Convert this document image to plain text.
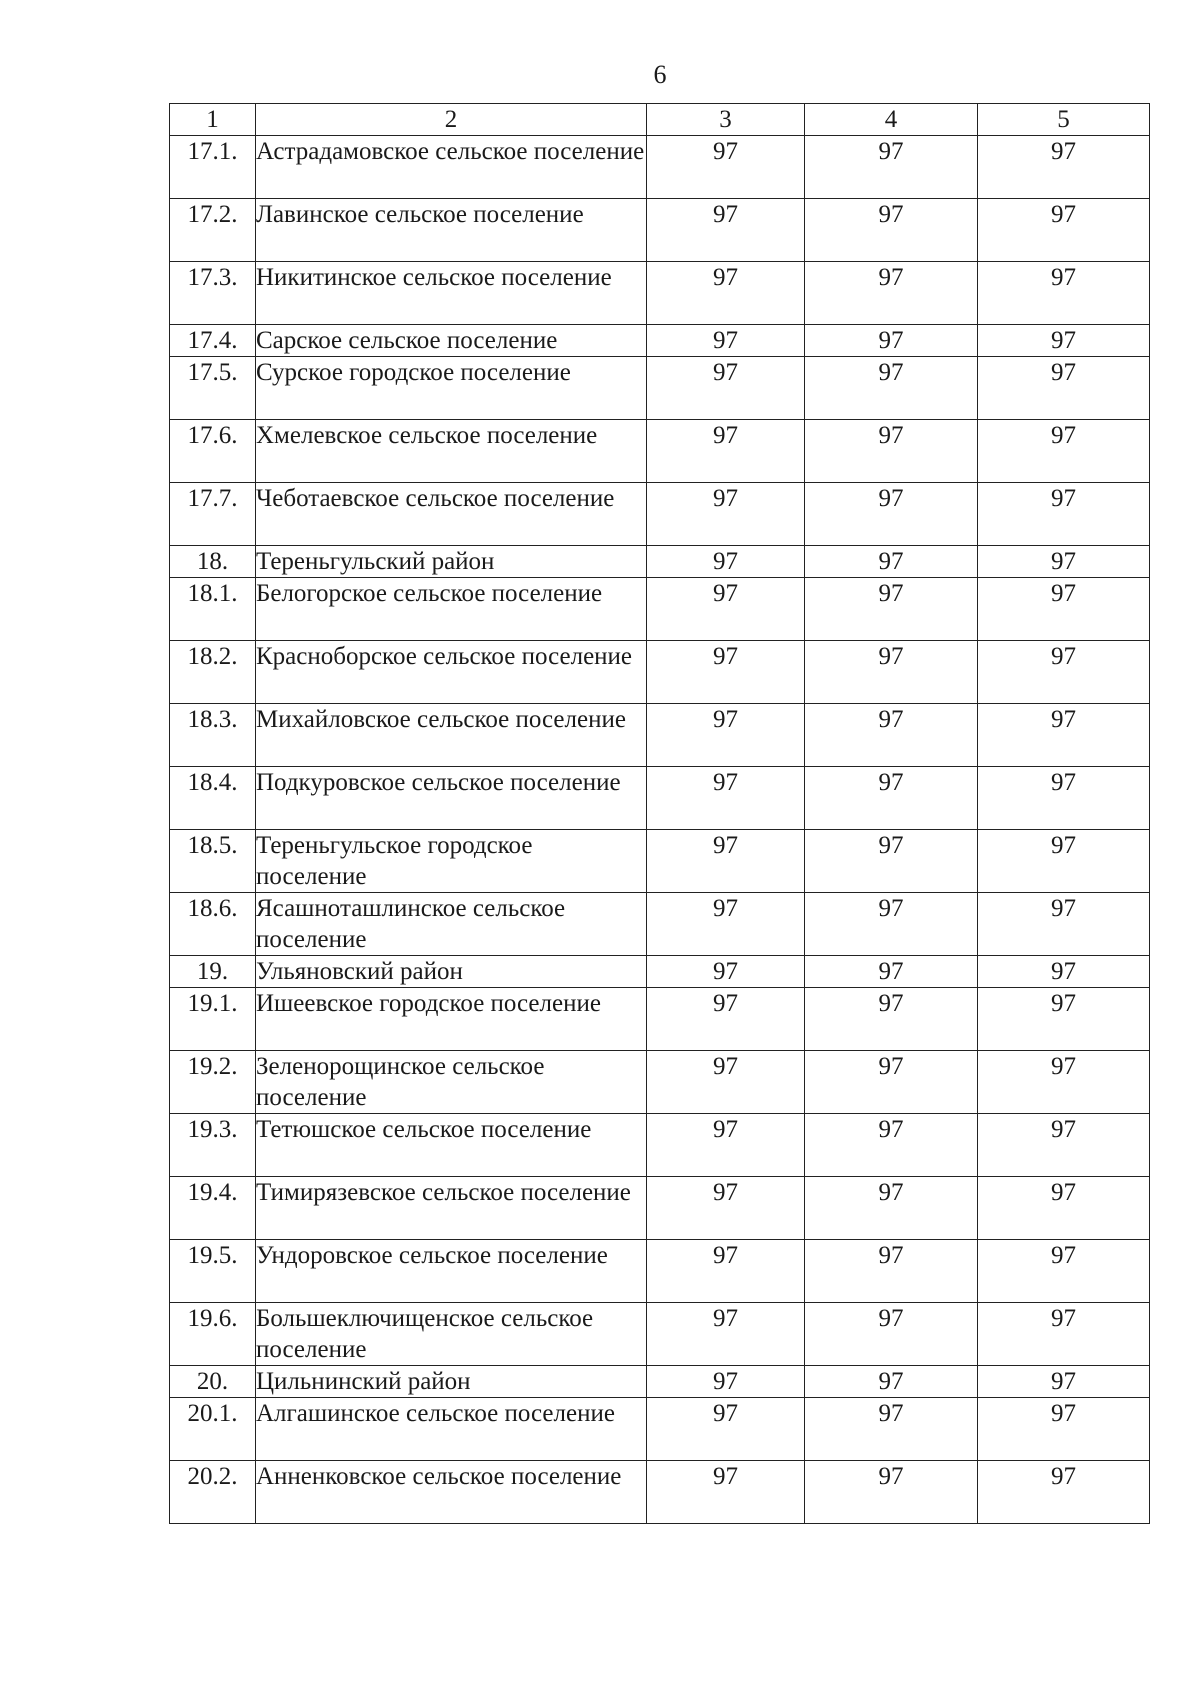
6
1	2	3	4	5
17.1.	Астрадамовское сельское поселение	97	97	97
17.2.	Лавинское сельское поселение	97	97	97
17.3.	Никитинское сельское поселение	97	97	97
17.4.	Сарское сельское поселение	97	97	97
17.5.	Сурское городское поселение	97	97	97
17.6.	Хмелевское сельское поселение	97	97	97
17.7.	Чеботаевское сельское поселение	97	97	97
18.	Тереньгульский район	97	97	97
18.1.	Белогорское сельское поселение	97	97	97
18.2.	Красноборское сельское поселение	97	97	97
18.3.	Михайловское сельское поселение	97	97	97
18.4.	Подкуровское сельское поселение	97	97	97
18.5.	Тереньгульское городское поселение	97	97	97
18.6.	Ясашноташлинское сельское поселение	97	97	97
19.	Ульяновский район	97	97	97
19.1.	Ишеевское городское поселение	97	97	97
19.2.	Зеленорощинское сельское поселение	97	97	97
19.3.	Тетюшское сельское поселение	97	97	97
19.4.	Тимирязевское сельское поселение	97	97	97
19.5.	Ундоровское сельское поселение	97	97	97
19.6.	Большеключищенское сельское поселение	97	97	97
20.	Цильнинский район	97	97	97
20.1.	Алгашинское сельское поселение	97	97	97
20.2.	Анненковское сельское поселение	97	97	97
